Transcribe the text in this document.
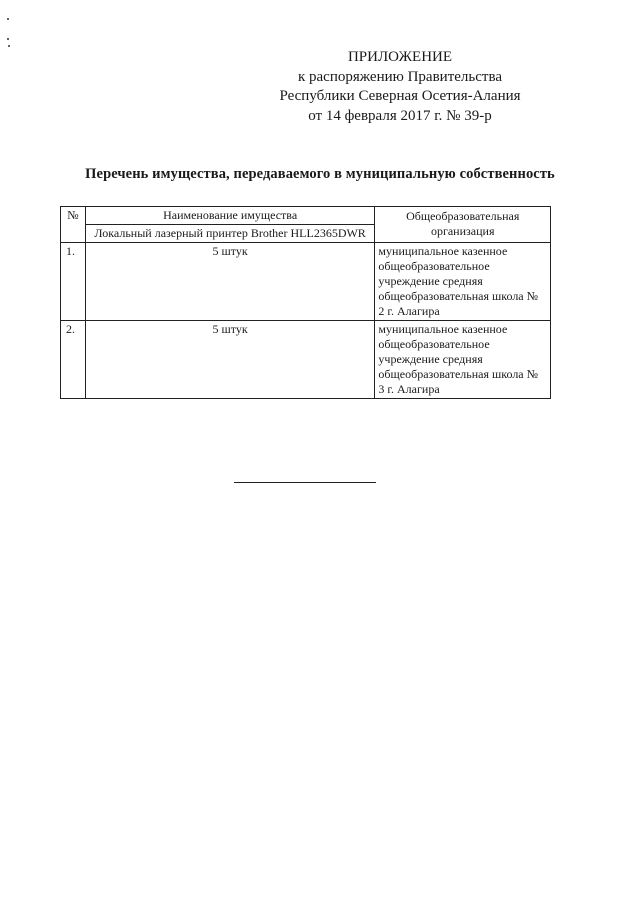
ПРИЛОЖЕНИЕ
к распоряжению Правительства
Республики Северная Осетия-Алания
от 14 февраля 2017 г. № 39-р
Перечень имущества, передаваемого в муниципальную собственность
№	Наименование имущества	Общеобразовательная организация
	Локальный лазерный принтер Brother HLL2365DWR	
1.	5 штук	муниципальное казенное общеобразовательное учреждение средняя общеобразовательная школа № 2 г. Алагира
2.	5 штук	муниципальное казенное общеобразовательное учреждение средняя общеобразовательная школа № 3 г. Алагира
